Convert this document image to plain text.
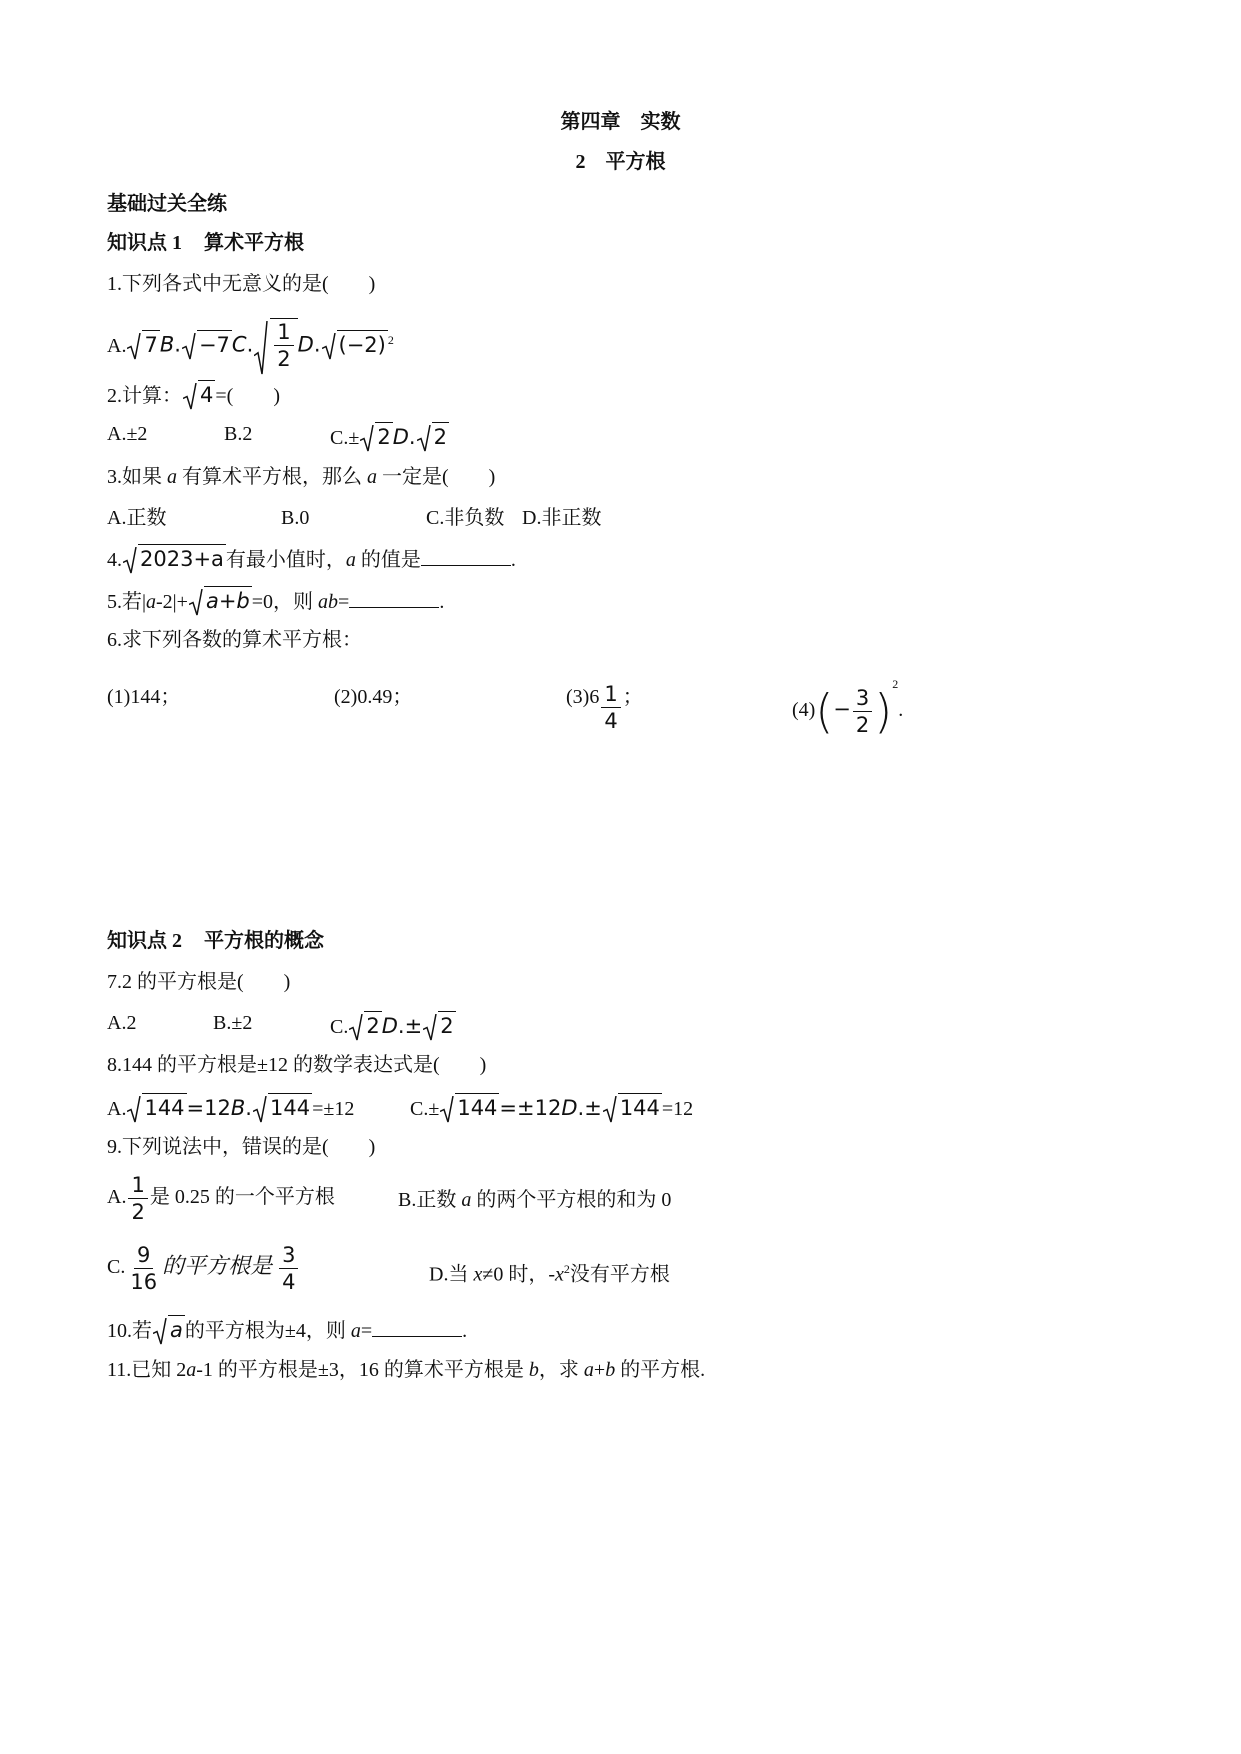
第四章　实数
2　平方根
基础过关全练
知识点 1 算术平方根
1.下列各式中无意义的是(　　)
A. 7B. −7C. $\frac{1}{2} D$. (−2) $^2$
2.计算： 4 =(　　)
A.±2	B.2	C.± 2D. 2
3.如果 a 有算术平方根，那么 a 一定是(　　)
A.正数	B.0	C.非负数 D.非正数
4. 2023+a 有最小值时，a 的值是	.
5.若|a-2|+ a+b =0，则 ab=	.
6.求下列各数的算术平方根：
(1)144；	(2)0.49；	$(3)6 \frac{1}{4}$ ；
$(4)(- \frac{3}{2} )^2$.
知识点 2 平方根的概念
7.2 的平方根是(　　)
A.2	B.±2	C. 2D.± 2
8.144 的平方根是±12 的数学表达式是(　　)
A. 144=12B. 144 =±12	C.± 144=±12D.± 144 =12
9.下列说法中，错误的是(　　)
A. $\frac{1}{2}$ 是 0.25 的一个平方根	B.正数 a 的两个平方根的和为 0
C. $\frac{9}{16}$ 的平方根是 $\frac{3}{4}$	D.当 x≠0 时，$-x^2$没有平方根
10.若 a 的平方根为±4，则 a=	.
11.已知 2a-1 的平方根是±3，16 的算术平方根是 b，求 a+b 的平方根.
